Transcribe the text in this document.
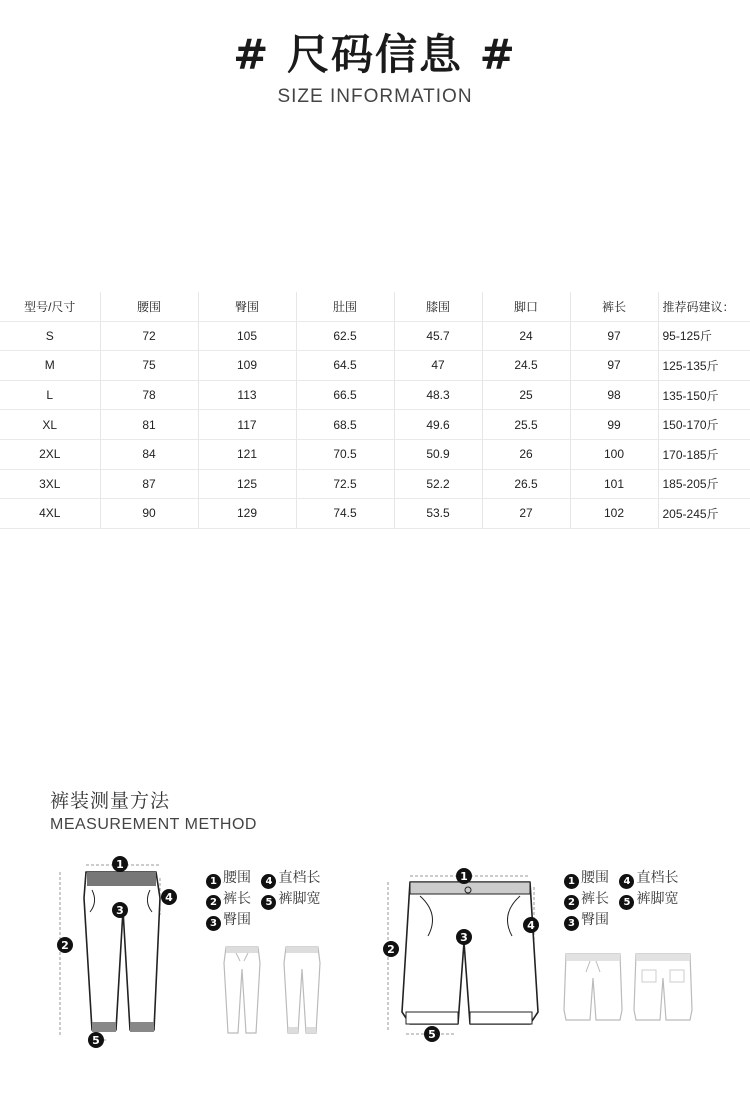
# 尺码信息 #
SIZE INFORMATION
型号/尺寸	腰围	臀围	肚围	膝围	脚口	裤长	推荐码建议：
S	72	105	62.5	45.7	24	97	95-125斤
M	75	109	64.5	47	24.5	97	125-135斤
L	78	113	66.5	48.3	25	98	135-150斤
XL	81	117	68.5	49.6	25.5	99	150-170斤
2XL	84	121	70.5	50.9	26	100	170-185斤
3XL	87	125	72.5	52.2	26.5	101	185-205斤
4XL	90	129	74.5	53.5	27	102	205-245斤
裤装测量方法
MEASUREMENT METHOD
1
2
3
4
5
1 腰围 4 直档长
2 裤长 5 裤脚宽
3 臀围
1
2
3
4
5
1 腰围 4 直档长
2 裤长 5 裤脚宽
3 臀围
